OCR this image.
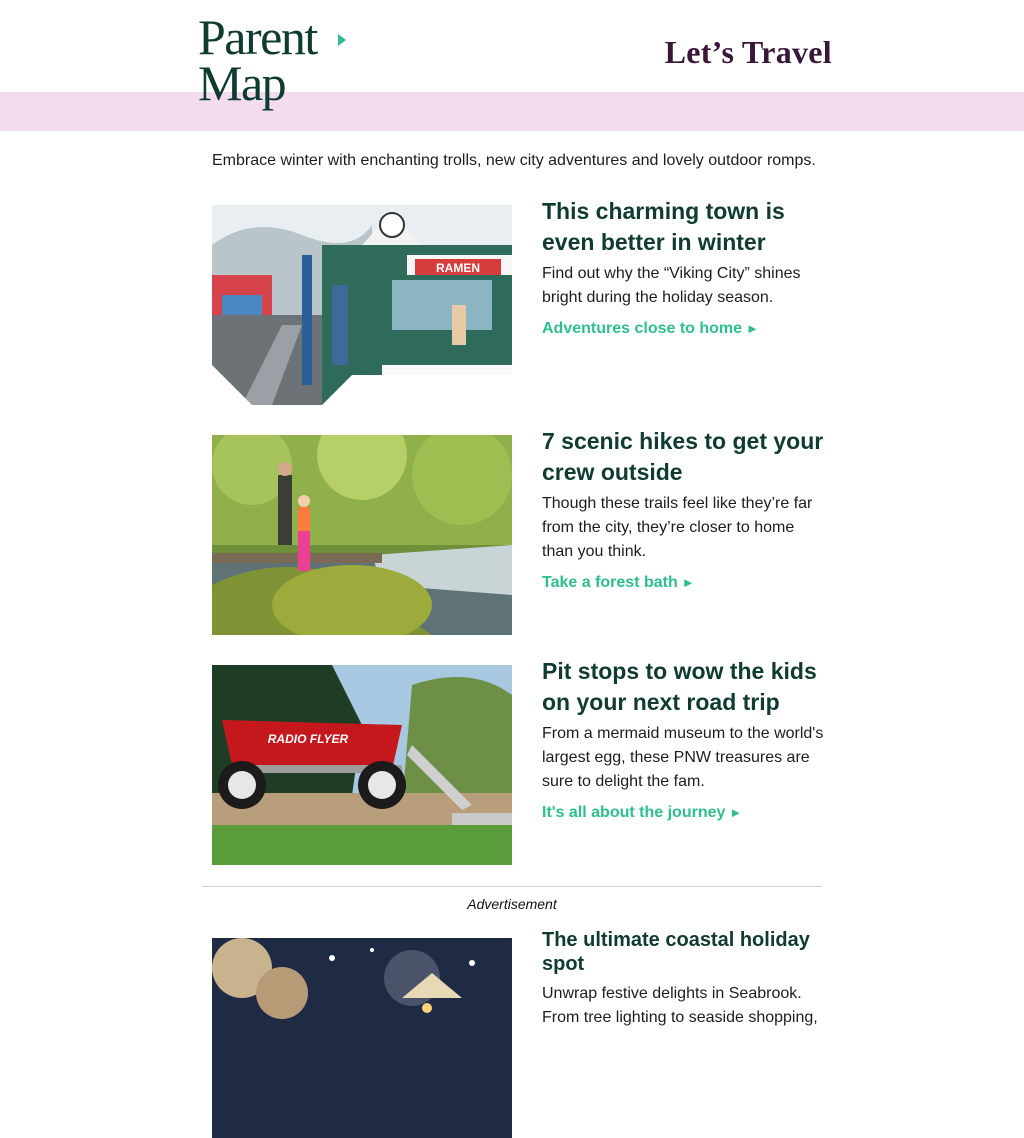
Parent
Map
Let’s Travel
Embrace winter with enchanting trolls, new city adventures and lovely outdoor romps.
RAMEN
This charming town is even better in winter

Find out why the “Viking City” shines bright during the holiday season.

Adventures close to home ►
7 scenic hikes to get your crew outside

Though these trails feel like they’re far from the city, they’re closer to home than you think.

Take a forest bath ►
RADIO FLYER
Pit stops to wow the kids on your next road trip

From a mermaid museum to the world's largest egg, these PNW treasures are sure to delight the fam.

It's all about the journey ►
Advertisement
The ultimate coastal holiday spot

Unwrap festive delights in Seabrook. From tree lighting to seaside shopping,
